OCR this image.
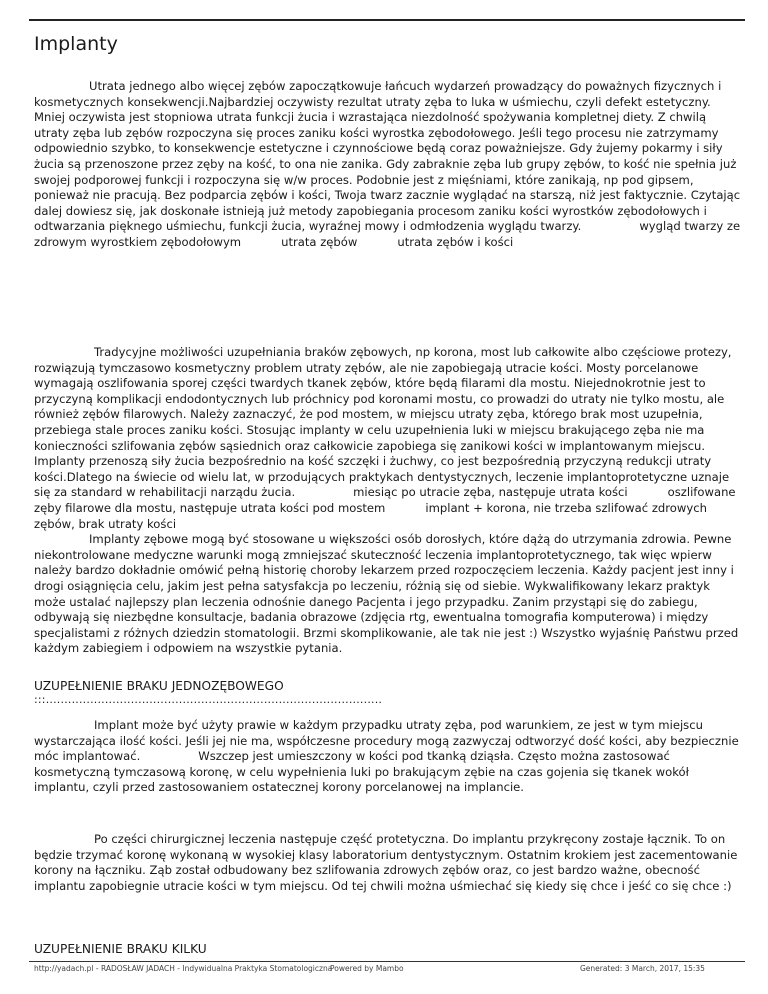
Implanty

Utrata jednego albo więcej zębów zapoczątkowuje łańcuch wydarzeń prowadzący do poważnych fizycznych i kosmetycznych konsekwencji.Najbardziej oczywisty rezultat utraty zęba to luka w uśmiechu, czyli defekt estetyczny. Mniej oczywista jest stopniowa utrata funkcji żucia i wzrastająca niezdolność spożywania kompletnej diety. Z chwilą utraty zęba lub zębów rozpoczyna się proces zaniku kości wyrostka zębodołowego. Jeśli tego procesu nie zatrzymamy odpowiednio szybko, to konsekwencje estetyczne i czynnościowe będą coraz poważniejsze. Gdy żujemy pokarmy i siły żucia są przenoszone przez zęby na kość, to ona nie zanika. Gdy zabraknie zęba lub grupy zębów, to kość nie spełnia już swojej podporowej funkcji i rozpoczyna się w/w proces. Podobnie jest z mięśniami, które zanikają, np pod gipsem, ponieważ nie pracują. Bez podparcia zębów i kości, Twoja twarz zacznie wyglądać na starszą, niż jest faktycznie. Czytając dalej dowiesz się, jak doskonałe istnieją już metody zapobiegania procesom zaniku kości wyrostków zębodołowych i odtwarzania pięknego uśmiechu, funkcji żucia, wyraźnej mowy i odmłodzenia wyglądu twarzy.	wygląd twarzy ze zdrowym wyrostkiem zębodołowym	utrata zębów	utrata zębów i kości

Tradycyjne możliwości uzupełniania braków zębowych, np korona, most lub całkowite albo częściowe protezy, rozwiązują tymczasowo kosmetyczny problem utraty zębów, ale nie zapobiegają utracie kości. Mosty porcelanowe wymagają oszlifowania sporej części twardych tkanek zębów, które będą filarami dla mostu. Niejednokrotnie jest to przyczyną komplikacji endodontycznych lub próchnicy pod koronami mostu, co prowadzi do utraty nie tylko mostu, ale również zębów filarowych. Należy zaznaczyć, że pod mostem, w miejscu utraty zęba, którego brak most uzupełnia, przebiega stale proces zaniku kości. Stosując implanty w celu uzupełnienia luki w miejscu brakującego zęba nie ma konieczności szlifowania zębów sąsiednich oraz całkowicie zapobiega się zanikowi kości w implantowanym miejscu. Implanty przenoszą siły żucia bezpośrednio na kość szczęki i żuchwy, co jest bezpośrednią przyczyną redukcji utraty kości.Dlatego na świecie od wielu lat, w przodujących praktykach dentystycznych, leczenie implantoprotetyczne uznaje się za standard w rehabilitacji narządu żucia.	miesiąc po utracie zęba, następuje utrata kości	oszlifowane zęby filarowe dla mostu, następuje utrata kości pod mostem	implant + korona, nie trzeba szlifować zdrowych zębów, brak utraty kości

Implanty zębowe mogą być stosowane u większości osób dorosłych, które dążą do utrzymania zdrowia. Pewne niekontrolowane medyczne warunki mogą zmniejszać skuteczność leczenia implantoprotetycznego, tak więc wpierw należy bardzo dokładnie omówić pełną historię choroby lekarzem przed rozpoczęciem leczenia. Każdy pacjent jest inny i drogi osiągnięcia celu, jakim jest pełna satysfakcja po leczeniu, różnią się od siebie. Wykwalifikowany lekarz praktyk może ustalać najlepszy plan leczenia odnośnie danego Pacjenta i jego przypadku. Zanim przystąpi się do zabiegu, odbywają się niezbędne konsultacje, badania obrazowe (zdjęcia rtg, ewentualna tomografia komputerowa) i między specjalistami z różnych dziedzin stomatologii. Brzmi skomplikowanie, ale tak nie jest :) Wszystko wyjaśnię Państwu przed każdym zabiegiem i odpowiem na wszystkie pytania.

UZUPEŁNIENIE BRAKU JEDNOZĘBOWEGO
:::...........................................................................................

Implant może być użyty prawie w każdym przypadku utraty zęba, pod warunkiem, ze jest w tym miejscu wystarczająca ilość kości. Jeśli jej nie ma, współczesne procedury mogą zazwyczaj odtworzyć dość kości, aby bezpiecznie móc implantować.	Wszczep jest umieszczony w kości pod tkanką dziąsła. Często można zastosować kosmetyczną tymczasową koronę, w celu wypełnienia luki po brakującym zębie na czas gojenia się tkanek wokół implantu, czyli przed zastosowaniem ostatecznej korony porcelanowej na implancie.

Po części chirurgicznej leczenia następuje część protetyczna. Do implantu przykręcony zostaje łącznik. To on będzie trzymać koronę wykonaną w wysokiej klasy laboratorium dentystycznym. Ostatnim krokiem jest zacementowanie korony na łączniku. Ząb został odbudowany bez szlifowania zdrowych zębów oraz, co jest bardzo ważne, obecność implantu zapobiegnie utracie kości w tym miejscu. Od tej chwili można uśmiechać się kiedy się chce i jeść co się chce :)

UZUPEŁNIENIE BRAKU KILKU
http://yadach.pl - RADOSŁAW JADACH - Indywidualna Praktyka Stomatologiczna
Powered by Mambo	Generated: 3 March, 2017, 15:35
